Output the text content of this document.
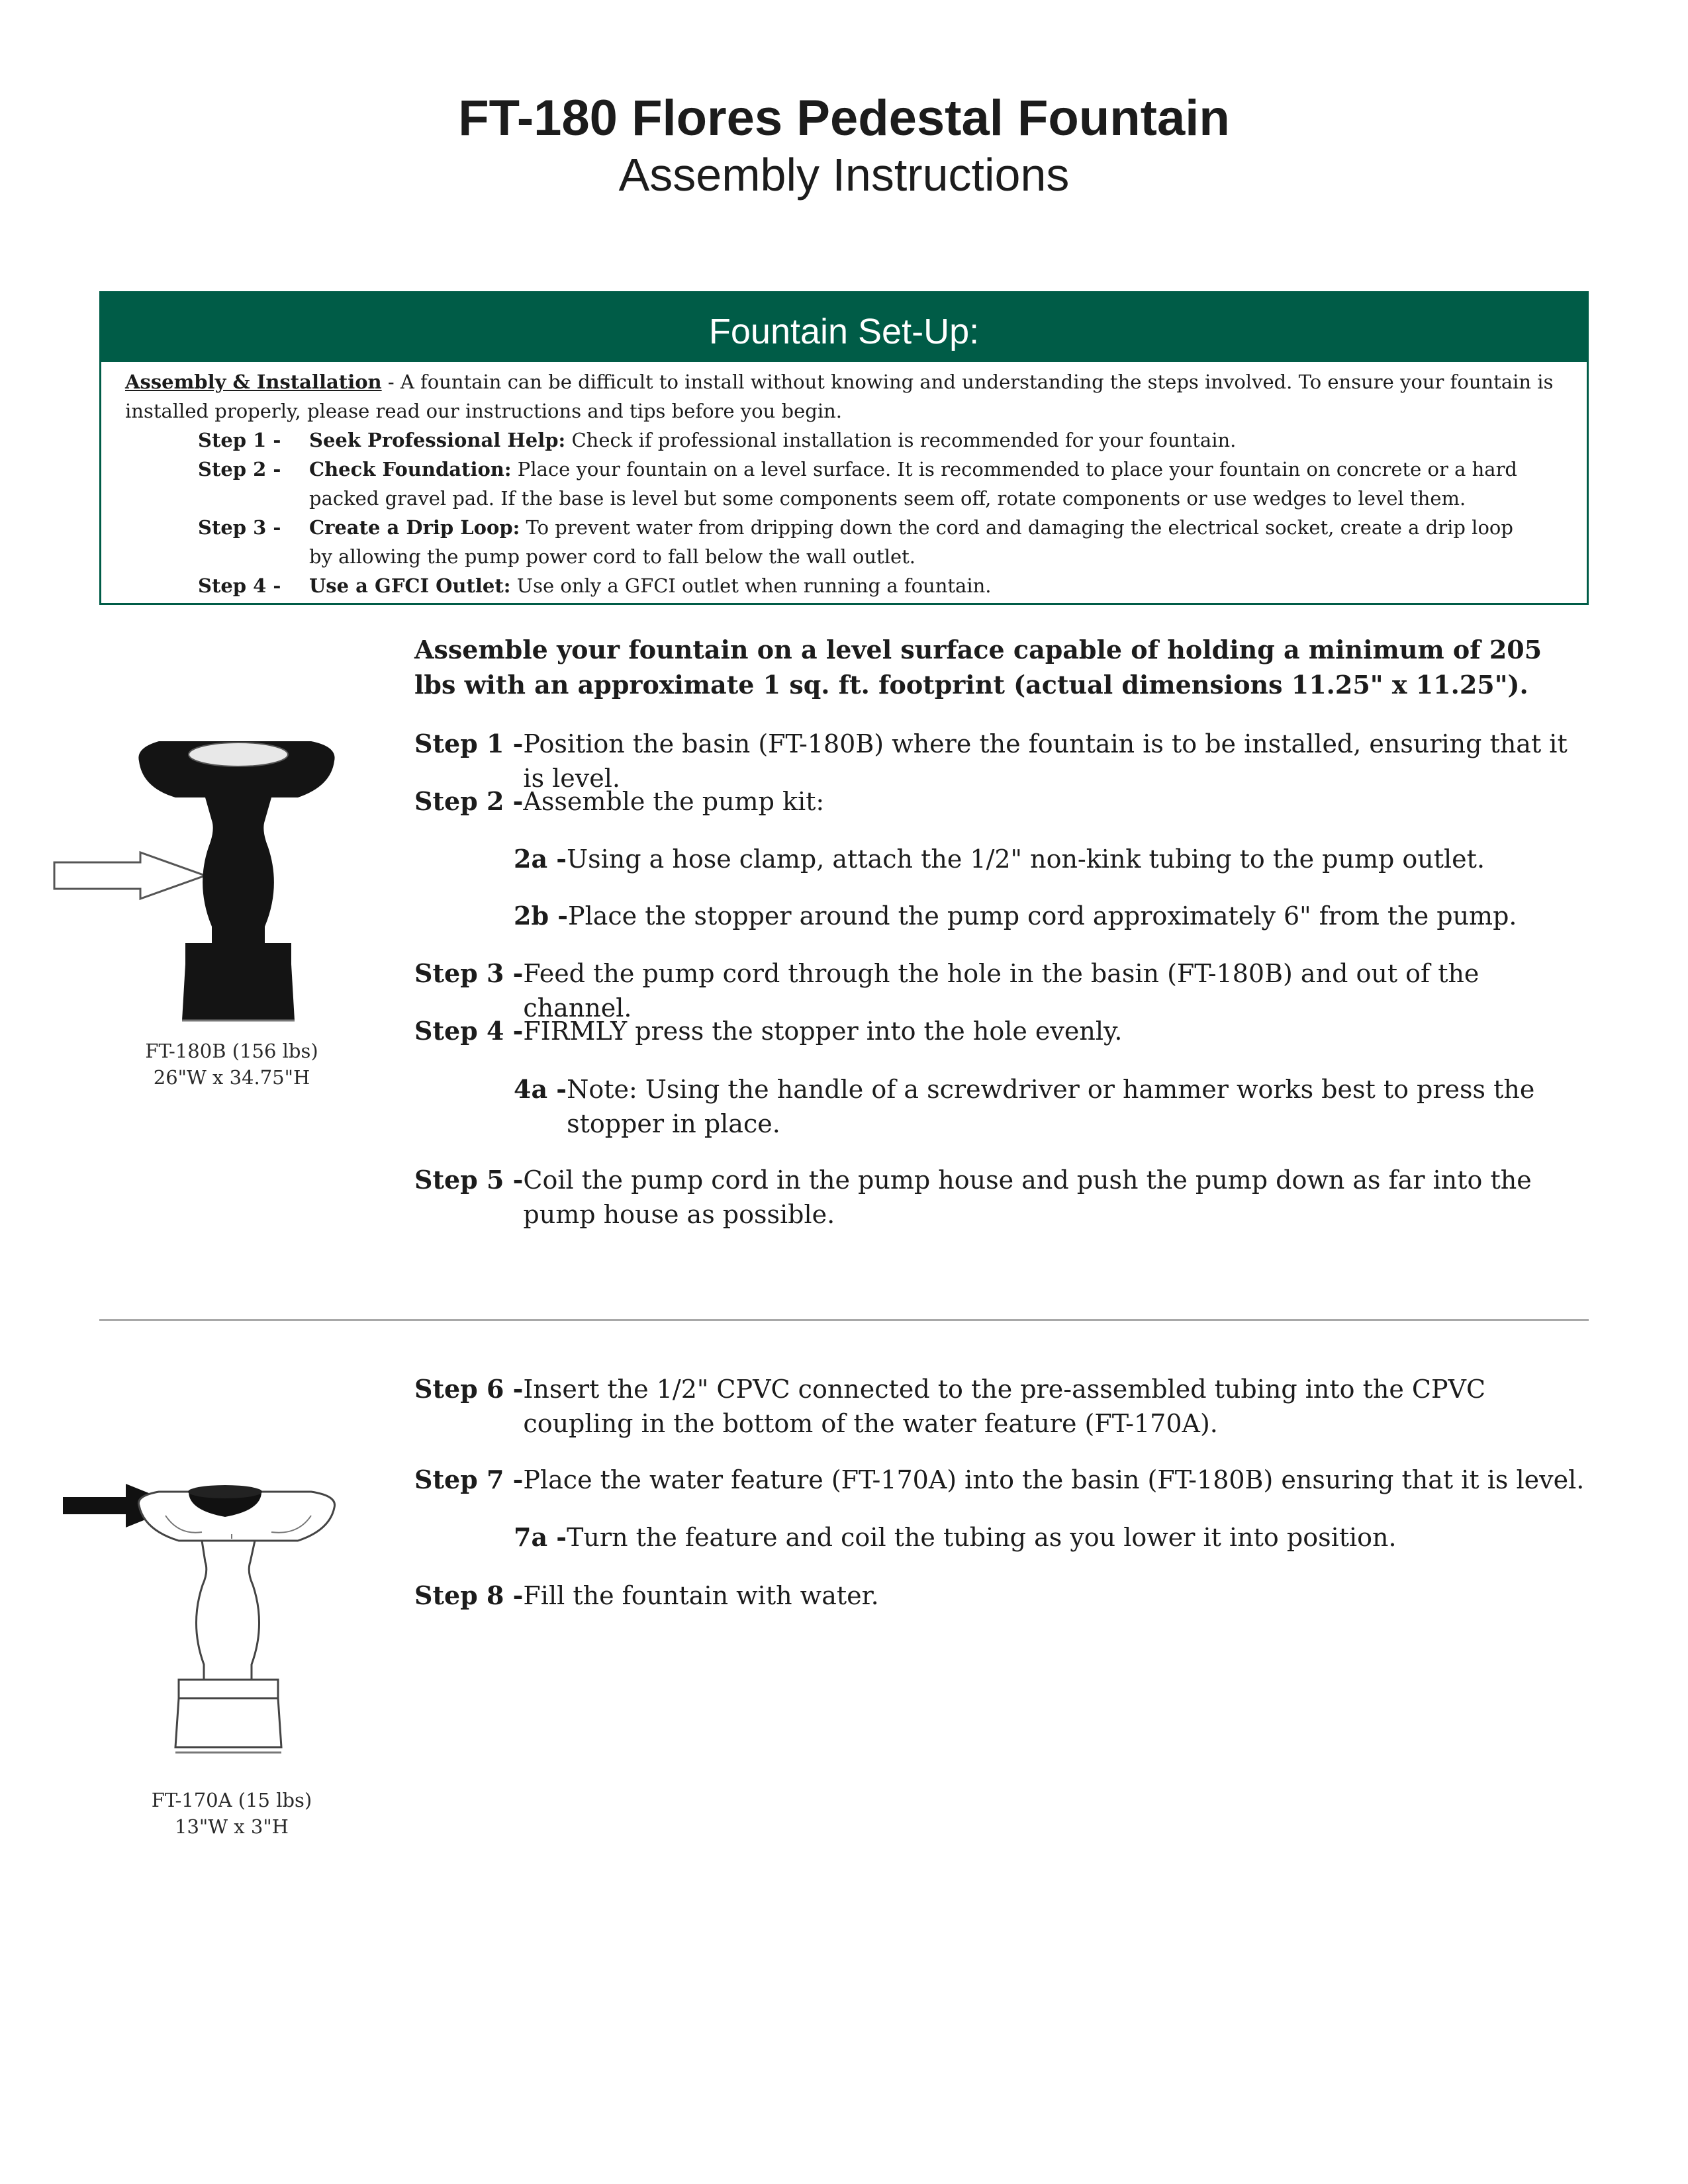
FT-180 Flores Pedestal Fountain
Assembly Instructions
Fountain Set-Up:

Assembly & Installation - A fountain can be difficult to install without knowing and understanding the steps involved. To ensure your fountain is installed properly, please read our instructions and tips before you begin.

Step 1 -	Seek Professional Help: Check if professional installation is recommended for your fountain.
Step 2 -	Check Foundation: Place your fountain on a level surface. It is recommended to place your fountain on concrete or a hard packed gravel pad. If the base is level but some components seem off, rotate components or use wedges to level them.
Step 3 -	Create a Drip Loop: To prevent water from dripping down the cord and damaging the electrical socket, create a drip loop by allowing the pump power cord to fall below the wall outlet.
Step 4 -	Use a GFCI Outlet: Use only a GFCI outlet when running a fountain.
Assemble your fountain on a level surface capable of holding a minimum of 205 lbs with an approximate 1 sq. ft. footprint (actual dimensions 11.25" x 11.25").
FT-180B (156 lbs)
26"W x 34.75"H
Step 1 - Position the basin (FT-180B) where the fountain is to be installed, ensuring that it is level.
Step 2 - Assemble the pump kit:
2a - Using a hose clamp, attach the 1/2" non-kink tubing to the pump outlet.
2b - Place the stopper around the pump cord approximately 6" from the pump.
Step 3 - Feed the pump cord through the hole in the basin (FT-180B) and out of the channel.
Step 4 - FIRMLY press the stopper into the hole evenly.
4a - Note: Using the handle of a screwdriver or hammer works best to press the stopper in place.
Step 5 - Coil the pump cord in the pump house and push the pump down as far into the pump house as possible.
FT-170A (15 lbs)
13"W x 3"H
Step 6 - Insert the 1/2" CPVC connected to the pre-assembled tubing into the CPVC coupling in the bottom of the water feature (FT-170A).
Step 7 - Place the water feature (FT-170A) into the basin (FT-180B) ensuring that it is level.
7a - Turn the feature and coil the tubing as you lower it into position.
Step 8 - Fill the fountain with water.
